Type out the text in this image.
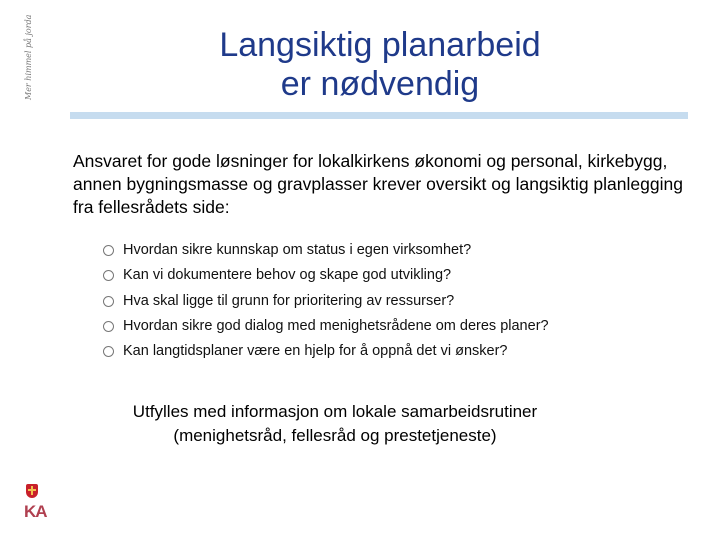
Mer himmel på jorda	Langsiktig planarbeid
er nødvendig
Ansvaret for gode løsninger for lokalkirkens økonomi og personal, kirkebygg, annen bygningsmasse og gravplasser krever oversikt og langsiktig planlegging fra fellesrådets side:
Hvordan sikre kunnskap om status i egen virksomhet?
Kan vi dokumentere behov og skape god utvikling?
Hva skal ligge til grunn for prioritering av ressurser?
Hvordan sikre god dialog med menighetsrådene om deres planer?
Kan langtidsplaner være en hjelp for å oppnå det vi ønsker?
Utfylles med informasjon om lokale samarbeidsrutiner
(menighetsråd, fellesråd og prestetjeneste)
KA
